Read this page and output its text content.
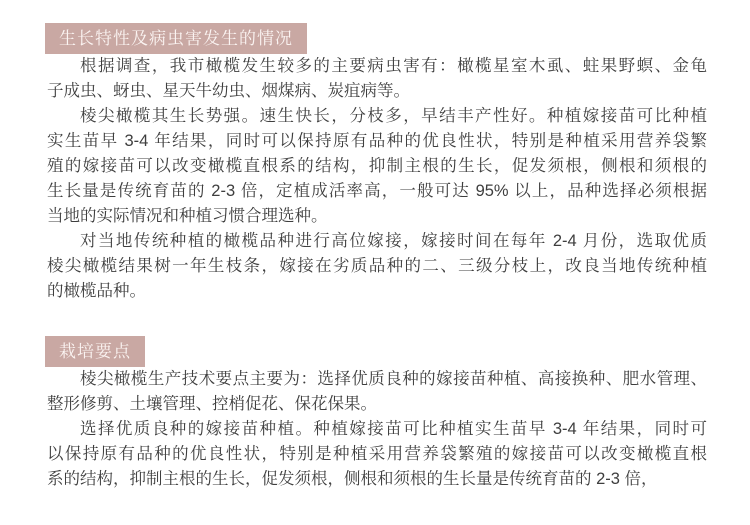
生长特性及病虫害发生的情况
根据调查，我市橄榄发生较多的主要病虫害有：橄榄星室木虱、蛀果野螟、金龟
子成虫、蚜虫、星天牛幼虫、烟煤病、炭疽病等。
棱尖橄榄其生长势强。速生快长，分枝多，早结丰产性好。种植嫁接苗可比种植
实生苗早 3-4 年结果，同时可以保持原有品种的优良性状，特别是种植采用营养袋繁
殖的嫁接苗可以改变橄榄直根系的结构，抑制主根的生长，促发须根，侧根和须根的
生长量是传统育苗的 2-3 倍，定植成活率高，一般可达 95% 以上，品种选择必须根据
当地的实际情况和种植习惯合理选种。
对当地传统种植的橄榄品种进行高位嫁接，嫁接时间在每年 2-4 月份，选取优质
棱尖橄榄结果树一年生枝条，嫁接在劣质品种的二、三级分枝上，改良当地传统种植
的橄榄品种。
栽培要点
棱尖橄榄生产技术要点主要为：选择优质良种的嫁接苗种植、高接换种、肥水管理、
整形修剪、土壤管理、控梢促花、保花保果。
选择优质良种的嫁接苗种植。种植嫁接苗可比种植实生苗早 3-4 年结果，同时可
以保持原有品种的优良性状，特别是种植采用营养袋繁殖的嫁接苗可以改变橄榄直根
系的结构，抑制主根的生长，促发须根，侧根和须根的生长量是传统育苗的 2-3 倍，
